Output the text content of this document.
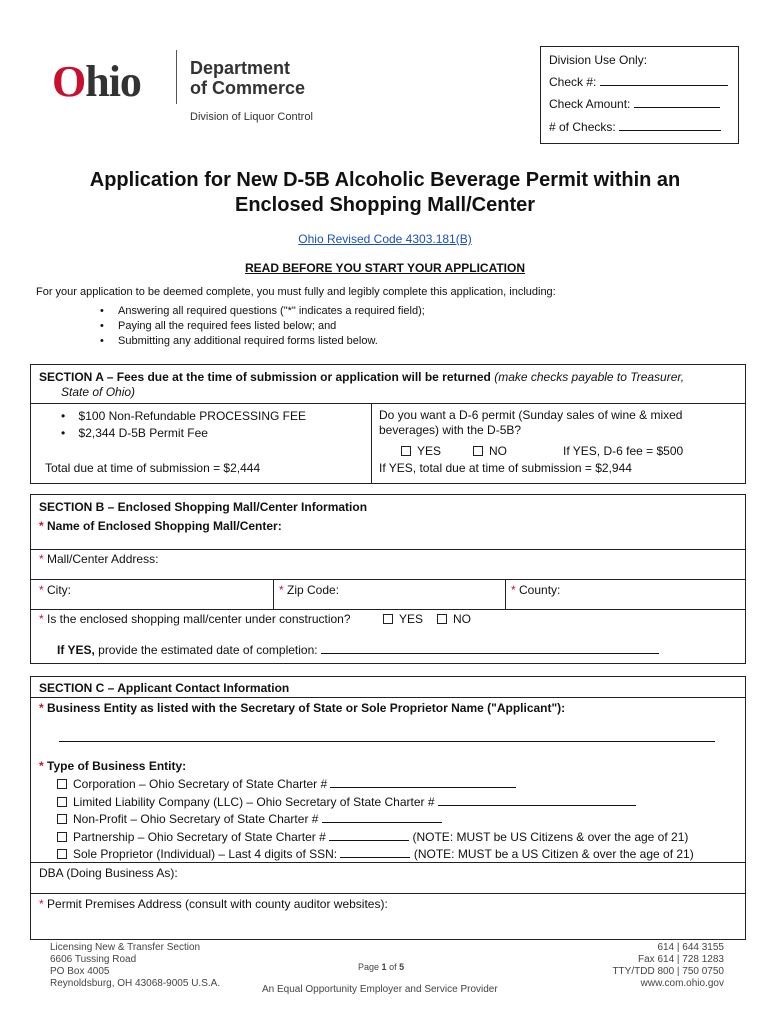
Ohio	Department
of Commerce
Division of Liquor Control
Division Use Only:
Check #:
Check Amount:
# of Checks:
Application for New D-5B Alcoholic Beverage Permit within an
Enclosed Shopping Mall/Center
Ohio Revised Code 4303.181(B)
READ BEFORE YOU START YOUR APPLICATION
For your application to be deemed complete, you must fully and legibly complete this application, including:
• Answering all required questions ("*" indicates a required field);
• Paying all the required fees listed below; and
• Submitting any additional required forms listed below.
SECTION A – Fees due at the time of submission or application will be returned (make checks payable to Treasurer,
State of Ohio)
•    $100 Non-Refundable PROCESSING FEE
•    $2,344 D-5B Permit Fee
Total due at time of submission = $2,444
Do you want a D-6 permit (Sunday sales of wine & mixed
beverages) with the D-5B?
YES	NO	If YES, D-6 fee = $500
If YES, total due at time of submission = $2,944
SECTION B – Enclosed Shopping Mall/Center Information
* Name of Enclosed Shopping Mall/Center:
* Mall/Center Address:
* City:	* Zip Code:	* County:
* Is the enclosed shopping mall/center under construction?	YES	NO
If YES, provide the estimated date of completion:
SECTION C – Applicant Contact Information
* Business Entity as listed with the Secretary of State or Sole Proprietor Name ("Applicant"):
* Type of Business Entity:
Corporation – Ohio Secretary of State Charter #
Limited Liability Company (LLC) – Ohio Secretary of State Charter #
Non-Profit – Ohio Secretary of State Charter #
Partnership – Ohio Secretary of State Charter #	(NOTE: MUST be US Citizens & over the age of 21)
Sole Proprietor (Individual) – Last 4 digits of SSN:	(NOTE: MUST be a US Citizen & over the age of 21)
DBA (Doing Business As):
* Permit Premises Address (consult with county auditor websites):
Licensing New & Transfer Section
6606 Tussing Road
PO Box 4005
Reynoldsburg, OH 43068-9005 U.S.A.
Page 1 of 5
An Equal Opportunity Employer and Service Provider
614 | 644 3155
Fax 614 | 728 1283
TTY/TDD 800 | 750 0750
www.com.ohio.gov
